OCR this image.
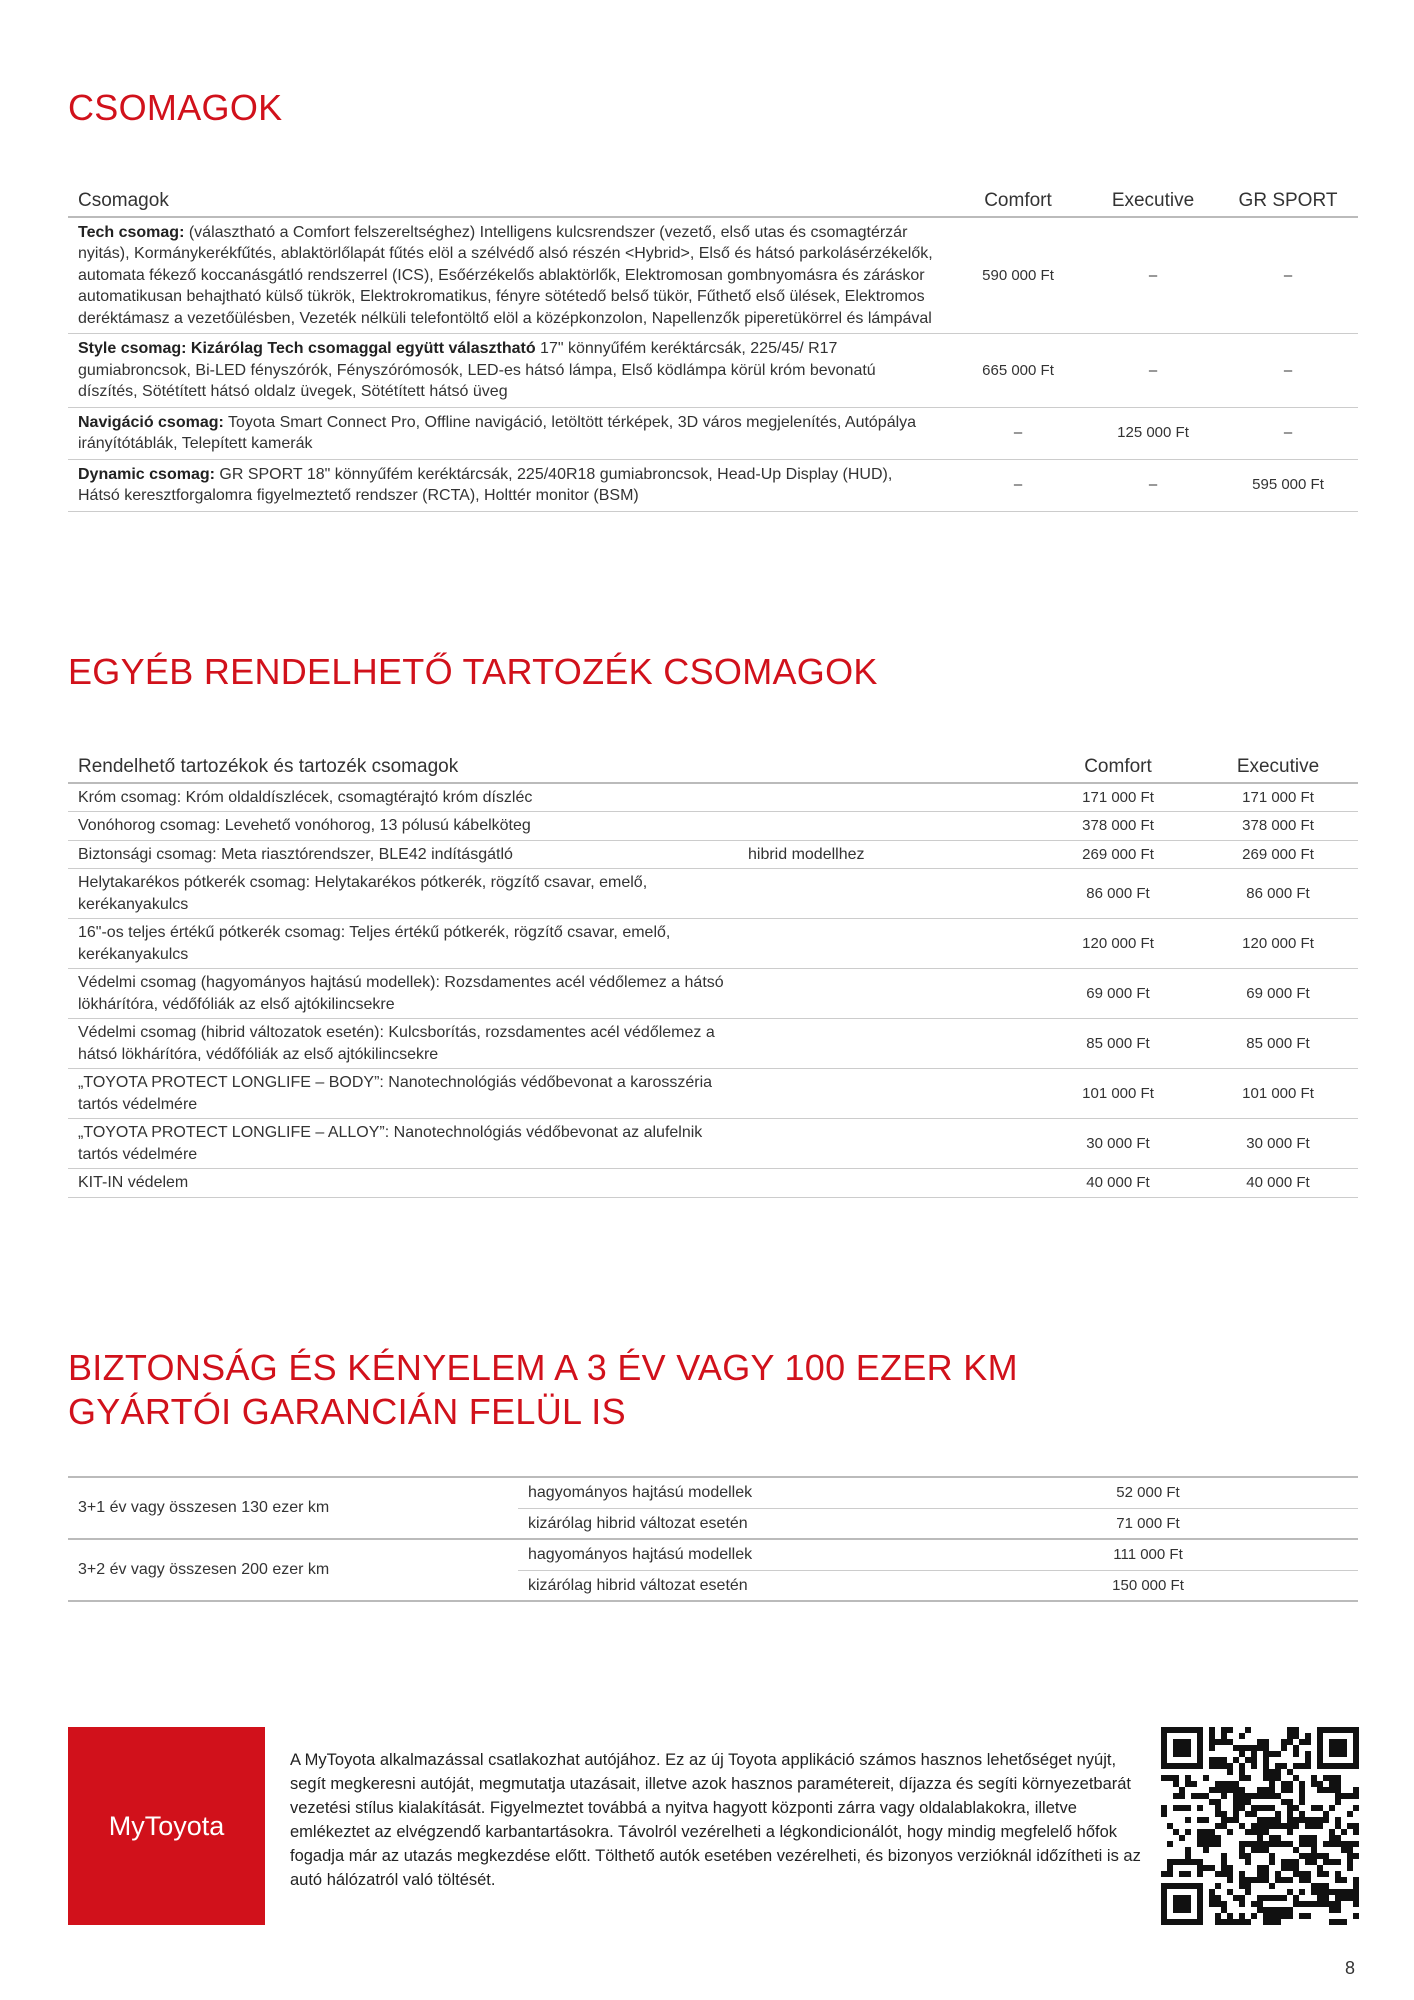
CSOMAGOK
Csomagok	Comfort	Executive	GR SPORT
Tech csomag: (választható a Comfort felszereltséghez) Intelligens kulcsrendszer (vezető, első utas és csomagtérzár nyitás), Kormánykerékfűtés, ablaktörlőlapát fűtés elöl a szélvédő alsó részén <Hybrid>, Első és hátsó parkolásérzékelők, automata fékező koccanásgátló rendszerrel (ICS), Esőérzékelős ablaktörlők, Elektromosan gombnyomásra és záráskor automatikusan behajtható külső tükrök, Elektrokromatikus, fényre sötétedő belső tükör, Fűthető első ülések, Elektromos deréktámasz a vezetőülésben, Vezeték nélküli telefontöltő elöl a középkonzolon, Napellenzők piperetükörrel és lámpával	590 000 Ft	–	–
Style csomag: Kizárólag Tech csomaggal együtt választható 17" könnyűfém keréktárcsák, 225/45/ R17 gumiabroncsok, Bi-LED fényszórók, Fényszórómosók, LED-es hátsó lámpa, Első ködlámpa körül króm bevonatú díszítés, Sötétített hátsó oldalz üvegek, Sötétített hátsó üveg	665 000 Ft	–	–
Navigáció csomag: Toyota Smart Connect Pro, Offline navigáció, letöltött térképek, 3D város megjelenítés, Autópálya irányítótáblák, Telepített kamerák	–	125 000 Ft	–
Dynamic csomag: GR SPORT 18" könnyűfém keréktárcsák, 225/40R18 gumiabroncsok, Head-Up Display (HUD), Hátsó keresztforgalomra figyelmeztető rendszer (RCTA), Holttér monitor (BSM)	–	–	595 000 Ft
EGYÉB RENDELHETŐ TARTOZÉK CSOMAGOK
Rendelhető tartozékok és tartozék csomagok		Comfort	Executive
Króm csomag: Króm oldaldíszlécek, csomagtérajtó króm díszléc		171 000 Ft	171 000 Ft
Vonóhorog csomag: Levehető vonóhorog, 13 pólusú kábelköteg		378 000 Ft	378 000 Ft
Biztonsági csomag: Meta riasztórendszer, BLE42 indításgátló	hibrid modellhez	269 000 Ft	269 000 Ft
Helytakarékos pótkerék csomag: Helytakarékos pótkerék, rögzítő csavar, emelő, kerékanyakulcs		86 000 Ft	86 000 Ft
16"-os teljes értékű pótkerék csomag: Teljes értékű pótkerék, rögzítő csavar, emelő, kerékanyakulcs		120 000 Ft	120 000 Ft
Védelmi csomag (hagyományos hajtású modellek): Rozsdamentes acél védőlemez a hátsó lökhárítóra, védőfóliák az első ajtókilincsekre		69 000 Ft	69 000 Ft
Védelmi csomag (hibrid változatok esetén): Kulcsborítás, rozsdamentes acél védőlemez a hátsó lökhárítóra, védőfóliák az első ajtókilincsekre		85 000 Ft	85 000 Ft
„TOYOTA PROTECT LONGLIFE – BODY”: Nanotechnológiás védőbevonat a karosszéria tartós védelmére		101 000 Ft	101 000 Ft
„TOYOTA PROTECT LONGLIFE – ALLOY”: Nanotechnológiás védőbevonat az alufelnik tartós védelmére		30 000 Ft	30 000 Ft
KIT-IN védelem		40 000 Ft	40 000 Ft
BIZTONSÁG ÉS KÉNYELEM A 3 ÉV VAGY 100 EZER KM
GYÁRTÓI GARANCIÁN FELÜL IS
3+1 év vagy összesen 130 ezer km	hagyományos hajtású modellek	52 000 Ft	
	kizárólag hibrid változat esetén	71 000 Ft	
3+2 év vagy összesen 200 ezer km	hagyományos hajtású modellek	111 000 Ft	
	kizárólag hibrid változat esetén	150 000 Ft	
MyToyota
A MyToyota alkalmazással csatlakozhat autójához. Ez az új Toyota applikáció számos hasznos lehetőséget nyújt, segít megkeresni autóját, megmutatja utazásait, illetve azok hasznos paramétereit, díjazza és segíti környezetbarát vezetési stílus kialakítását. Figyelmeztet továbbá a nyitva hagyott központi zárra vagy oldalablakokra, illetve emlékeztet az elvégzendő karbantartásokra. Távolról vezérelheti a légkondicionálót, hogy mindig megfelelő hőfok fogadja már az utazás megkezdése előtt. Tölthető autók esetében vezérelheti, és bizonyos verzióknál időzítheti is az autó hálózatról való töltését.
8
